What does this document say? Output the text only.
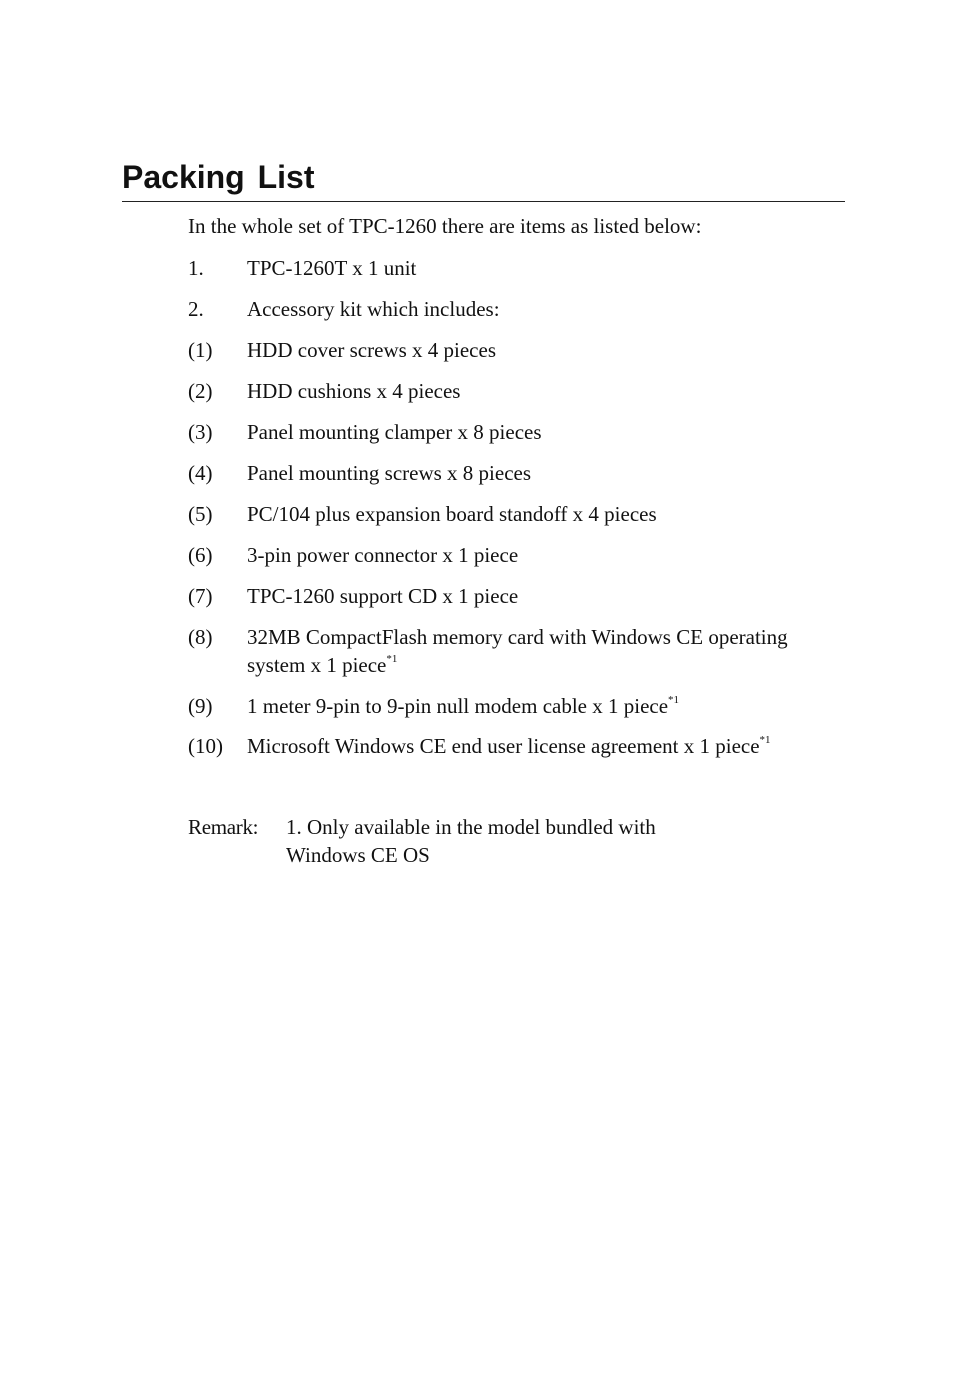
Packing List
In the whole set of TPC-1260 there are items as listed below:
1.	TPC-1260T x 1 unit
2.	Accessory kit which includes:
(1)	HDD cover screws x 4 pieces
(2)	HDD cushions x 4 pieces
(3)	Panel mounting clamper x 8 pieces
(4)	Panel mounting screws x 8 pieces
(5)	PC/104 plus expansion board standoff x 4 pieces
(6)	3-pin power connector x 1 piece
(7)	TPC-1260 support CD x 1 piece
(8)	32MB CompactFlash memory card with Windows CE operating
system x 1 piece$^{*1}$
(9)	1 meter 9-pin to 9-pin null modem cable x 1 piece$^{*1}$
(10)	Microsoft Windows CE end user license agreement x 1 piece$^{*1}$
Remark: 1. Only available in the model bundled with
Windows CE OS
